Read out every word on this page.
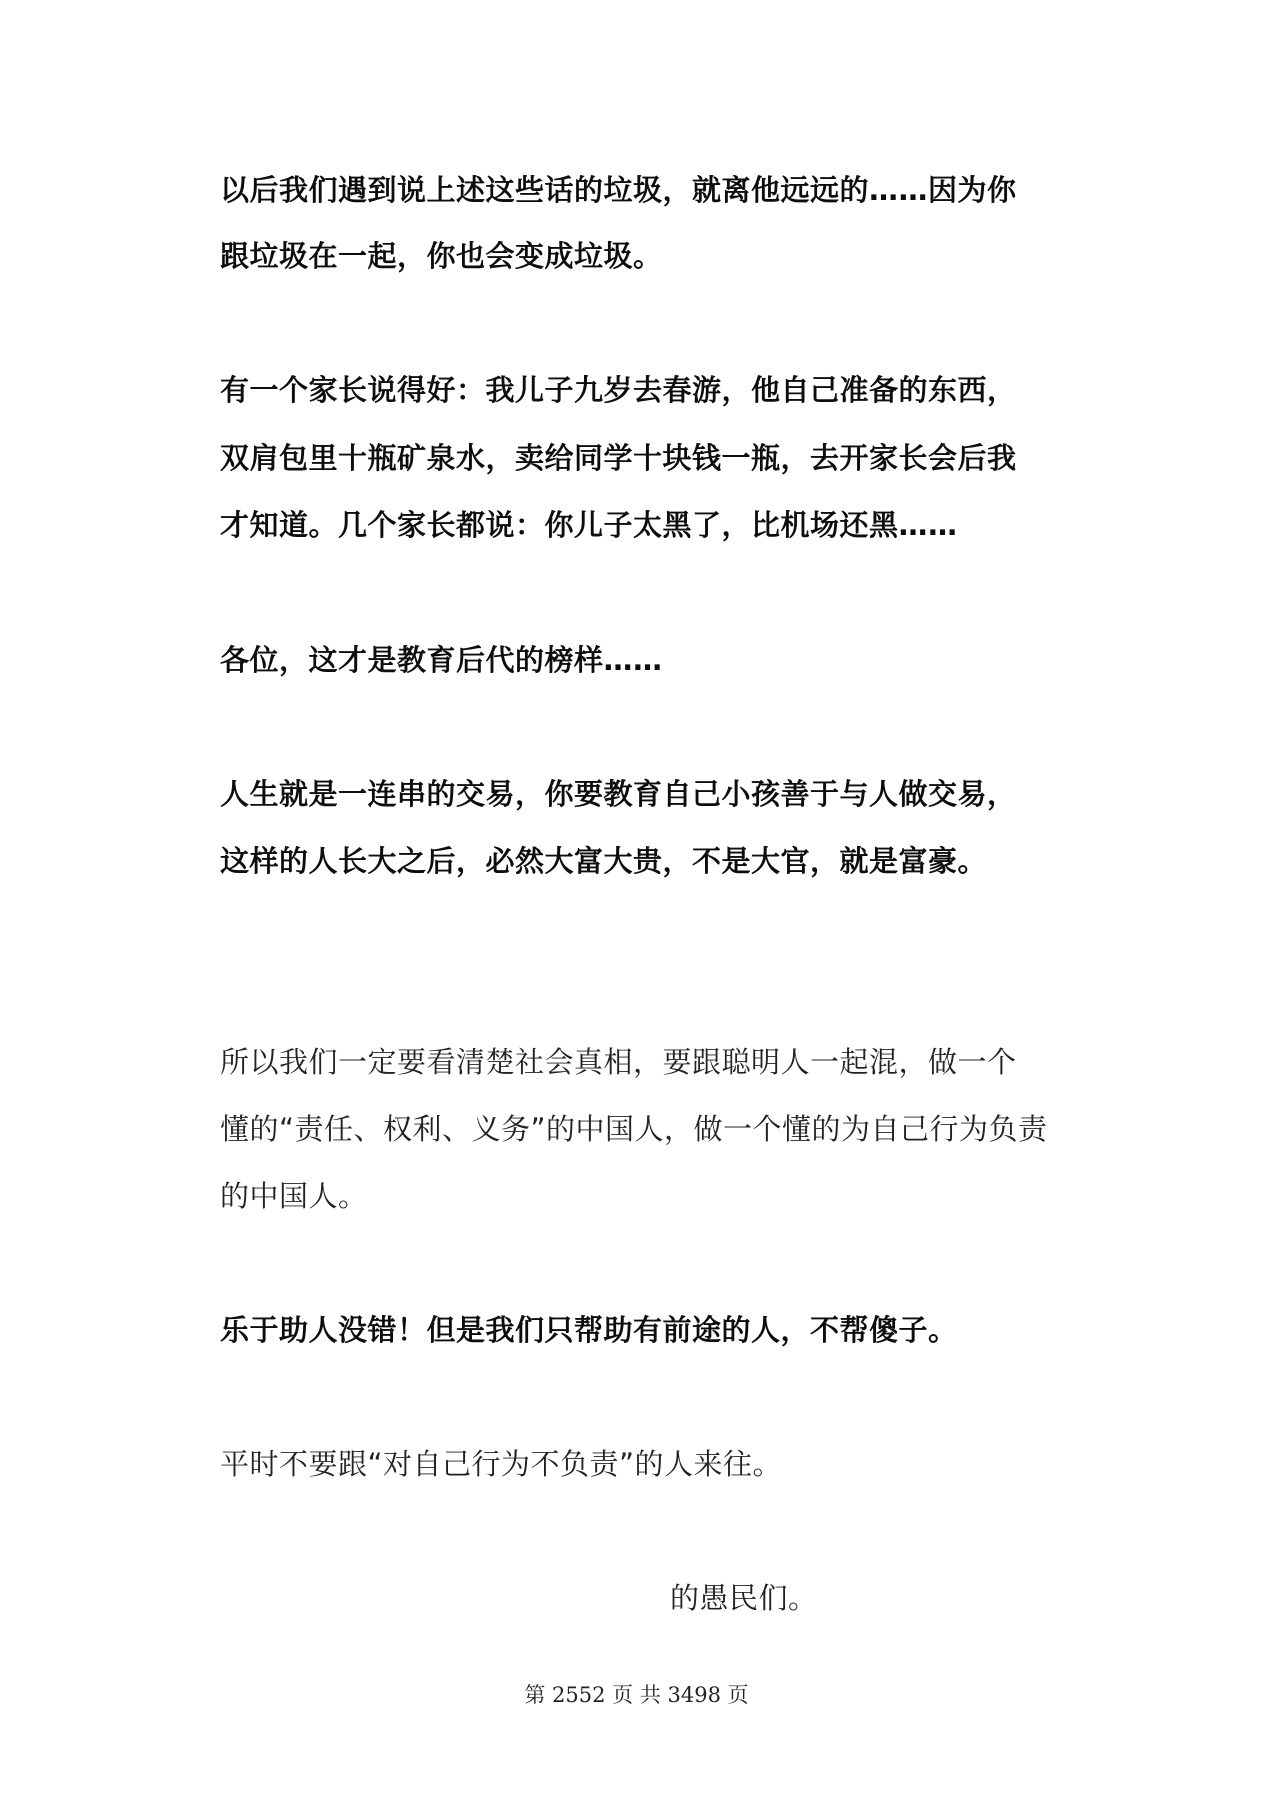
以后我们遇到说上述这些话的垃圾，就离他远远的……因为你
跟垃圾在一起，你也会变成垃圾。
有一个家长说得好：我儿子九岁去春游，他自己准备的东西，
双肩包里十瓶矿泉水，卖给同学十块钱一瓶，去开家长会后我
才知道。几个家长都说：你儿子太黑了，比机场还黑……
各位，这才是教育后代的榜样……
人生就是一连串的交易，你要教育自己小孩善于与人做交易，
这样的人长大之后，必然大富大贵，不是大官，就是富豪。
所以我们一定要看清楚社会真相，要跟聪明人一起混，做一个
懂的“责任、权利、义务”的中国人，做一个懂的为自己行为负责
的中国人。
乐于助人没错！但是我们只帮助有前途的人，不帮傻子。
平时不要跟“对自己行为不负责”的人来往。
的愚民们。
第 2552 页 共 3498 页
